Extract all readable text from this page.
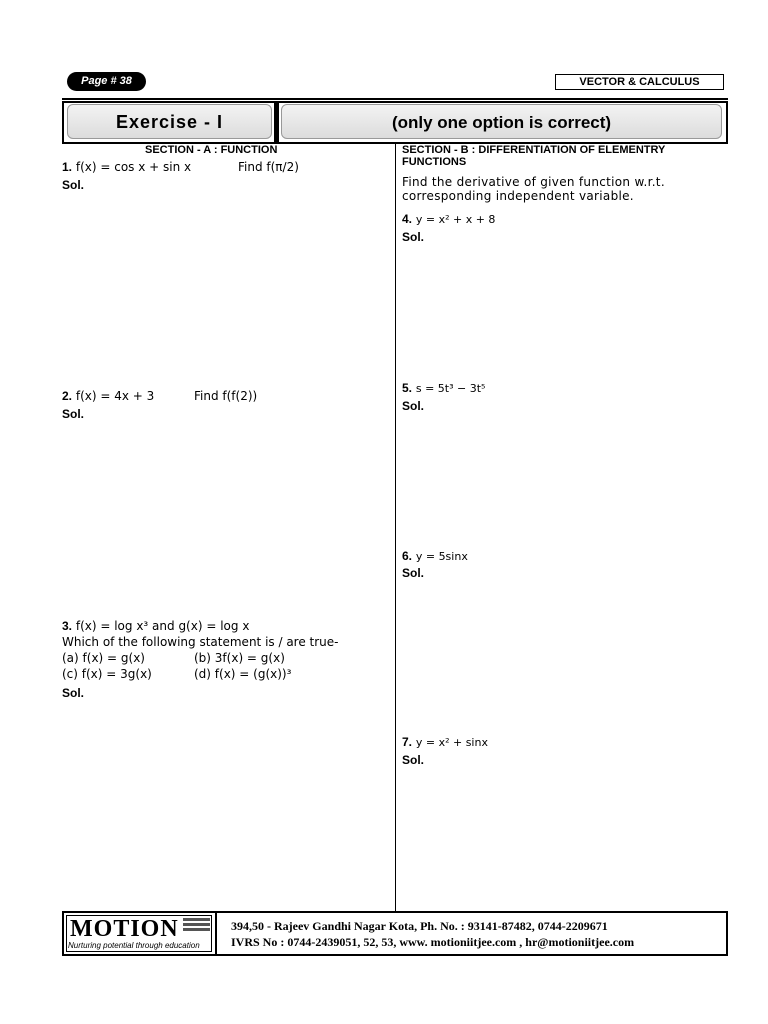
Page # 38	VECTOR & CALCULUS
Exercise - I	(only one option is correct)
SECTION - A : FUNCTION
1. f(x) = cos x + sin x	Find f(π/2)
Sol.
2. f(x) = 4x + 3	Find f(f(2))
Sol.
3. f(x) = log x³ and g(x) = log x
Which of the following statement is / are true-
(a) f(x) = g(x)	(b) 3f(x) = g(x)
(c) f(x) = 3g(x)	(d) f(x) = (g(x))³
Sol.
SECTION - B : DIFFERENTIATION OF ELEMENTRY
FUNCTIONS
Find the derivative of given function w.r.t.
corresponding independent variable.
4. y = x² + x + 8
Sol.
5. s = 5t³ − 3t⁵
Sol.
6. y = 5sinx
Sol.
7. y = x² + sinx
Sol.
MOTION
Nurturing potential through education
394,50 - Rajeev Gandhi Nagar Kota, Ph. No. : 93141-87482, 0744-2209671
IVRS No : 0744-2439051, 52, 53, www. motioniitjee.com , hr@motioniitjee.com
